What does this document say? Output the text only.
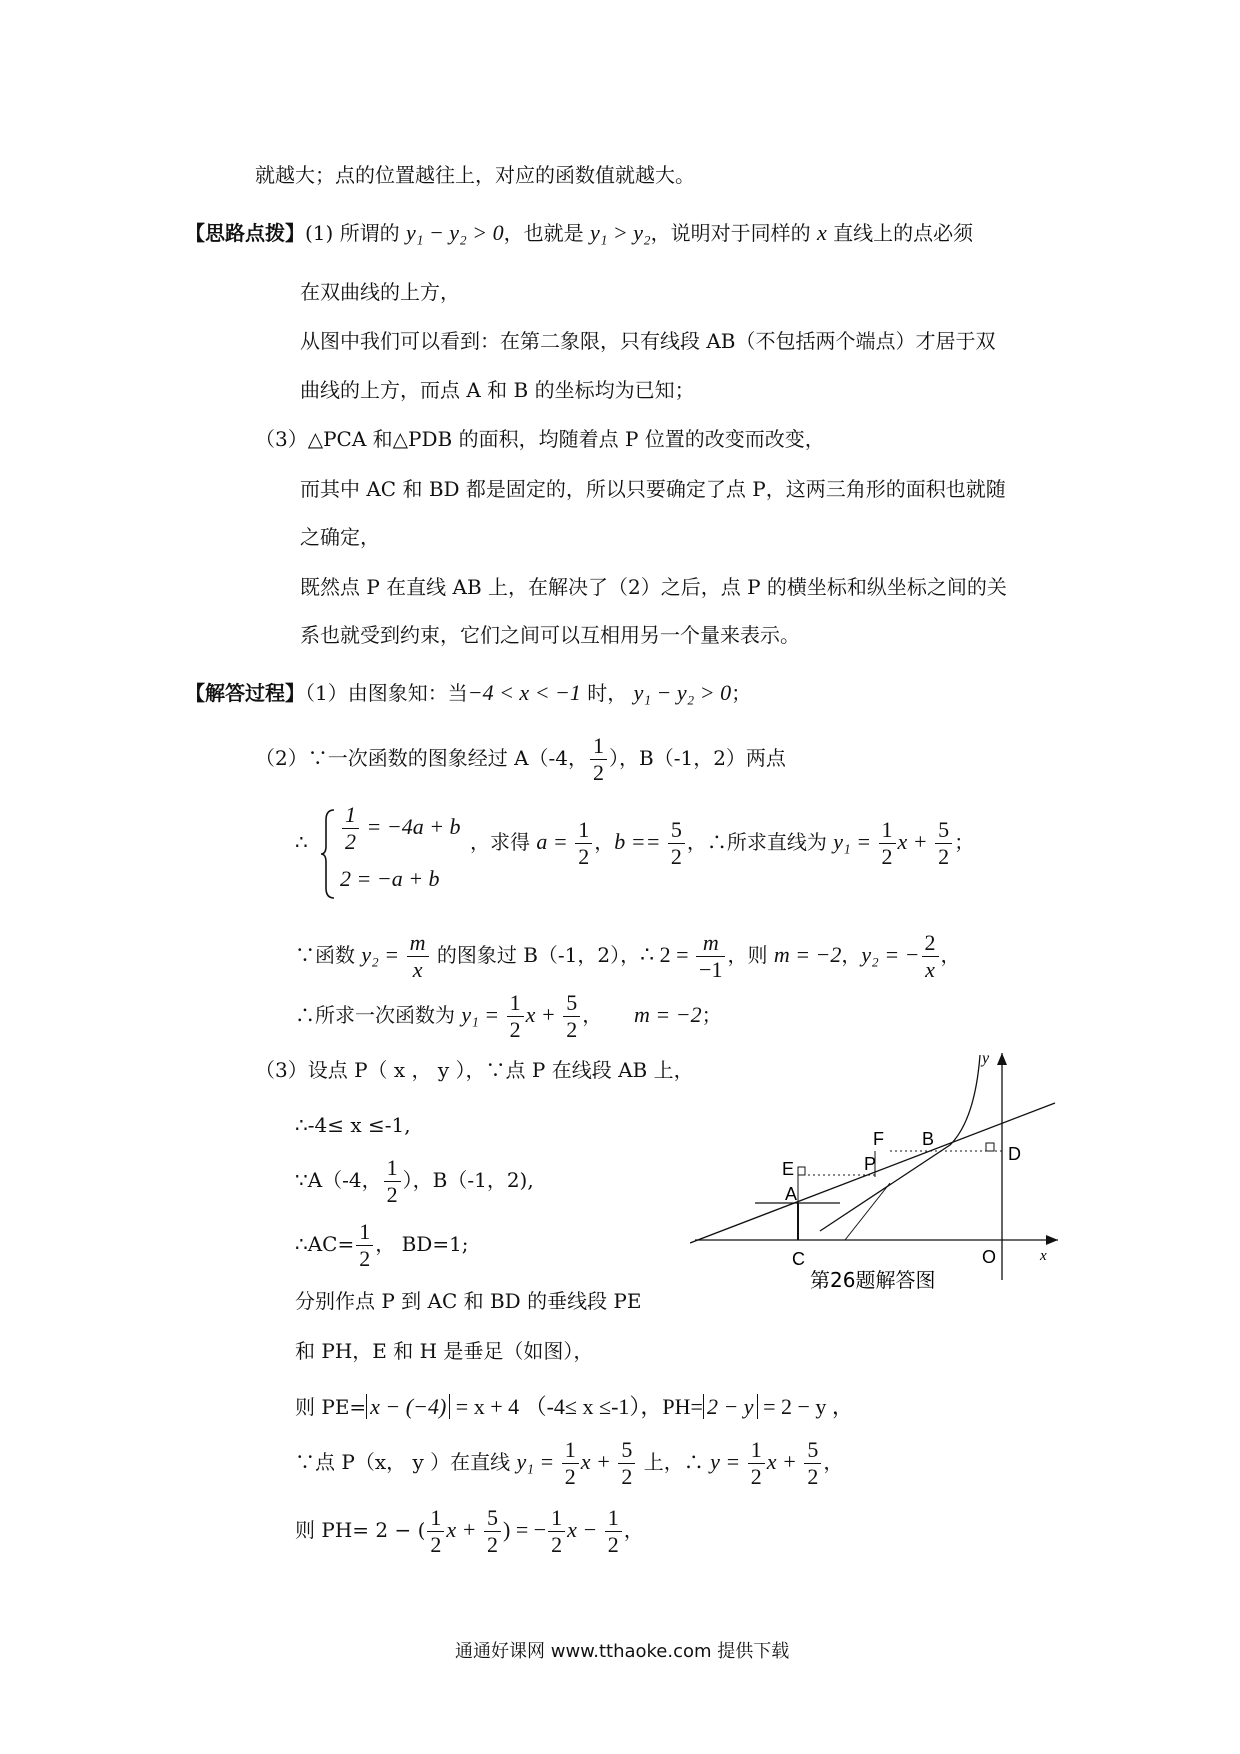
就越大；点的位置越往上，对应的函数值就越大。
【思路点拨】(1) 所谓的 y₁ − y₂ > 0，也就是 y₁ > y₂，说明对于同样的 x 直线上的点必须
在双曲线的上方，
从图中我们可以看到：在第二象限，只有线段 AB（不包括两个端点）才居于双
曲线的上方，而点 A 和 B 的坐标均为已知；
（3）△PCA 和△PDB 的面积，均随着点 P 位置的改变而改变，
而其中 AC 和 BD 都是固定的，所以只要确定了点 P，这两三角形的面积也就随
之确定，
既然点 P 在直线 AB 上，在解决了（2）之后，点 P 的横坐标和纵坐标之间的关
系也就受到约束，它们之间可以互相用另一个量来表示。
【解答过程】（1）由图象知：当−4 < x < −1 时， y₁ − y₂ > 0；
（2）∵一次函数的图象经过 A（-4， $\frac{1}{2}$ ），B（-1，2）两点
∴ $\frac{1}{2} = -4a + b$
2 = −a + b
，求得 $a = \frac{1}{2}$ ，$b == \frac{5}{2}$ ，∴所求直线为 $y_1 = \frac{1}{2}$ $x + \frac{5}{2}$ ；
∵函数 $y_2 = \frac{m}{x}$ 的图象过 B（-1，2），∴ $2 = \frac{m}{-1}$ ，则 m = −2，y₂ = − $\frac{2}{x}$ ，
∴所求一次函数为 $y_1 = \frac{1}{2}$ $x + \frac{5}{2}$ ， m = −2；
（3）设点 P（ x ， y ），∵点 P 在线段 AB 上，
∴-4≤ x ≤-1,
∵A（-4， $\frac{1}{2}$ ），B（-1，2),
∴AC= $\frac{1}{2}$ ， BD=1;
分别作点 P 到 AC 和 BD 的垂线段 PE
和 PH，E 和 H 是垂足（如图），
则 PE= x − (−4) = x + 4 （-4≤ x ≤-1），PH= 2 − y = 2 − y ，
∵点 P（x， y ）在直线 $y_1 = \frac{1}{2}$ $x + \frac{5}{2}$ 上，∴ $y = \frac{1}{2}$ $x + \frac{5}{2}$ ，
则 PH= 2 − ( $\frac{1}{2}$ $x + \frac{5}{2}$ ) = − $\frac{1}{2}$ $x - \frac{1}{2}$ ，
y
x
O
C
A
E
F
P
B
D
第26题解答图
通通好课网 www.tthaoke.com 提供下载
